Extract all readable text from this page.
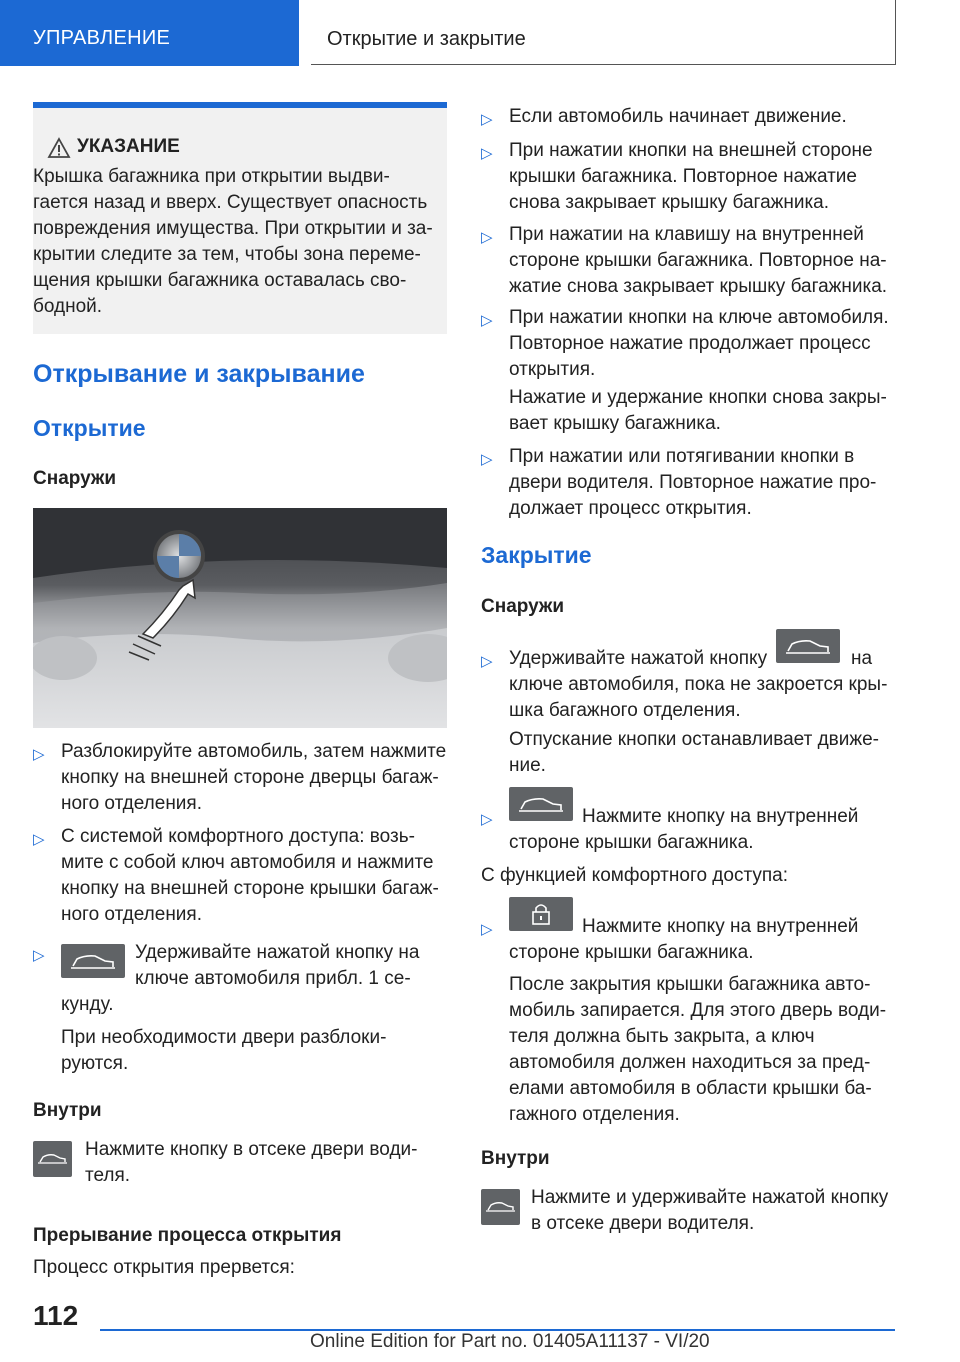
УПРАВЛЕНИЕ	Открытие и закрытие
УКАЗАНИЕ

Крышка багажника при открытии выдви-

гается назад и вверх. Существует опасность

повреждения имущества. При открытии и за-

крытии следите за тем, чтобы зона переме-

щения крышки багажника оставалась сво-

бодной.

Открывание и закрывание
Открытие
Снаружи
▷ Разблокируйте автомобиль, затем нажмите

кнопку на внешней стороне дверцы багаж-

ного отделения.

▷ С системой комфортного доступа: возь-

мите с собой ключ автомобиля и нажмите

кнопку на внешней стороне крышки багаж-

ного отделения.

▷	Удерживайте нажатой кнопку на

ключе автомобиля прибл. 1 се-

кунду.

При необходимости двери разблоки-

руются.

Внутри

Нажмите кнопку в отсеке двери води-

теля.

Прерывание процесса открытия

Процесс открытия прервется:

▷ Если автомобиль начинает движение.

▷ При нажатии кнопки на внешней стороне

крышки багажника. Повторное нажатие

снова закрывает крышку багажника.

▷ При нажатии на клавишу на внутренней

стороне крышки багажника. Повторное на-

жатие снова закрывает крышку багажника.

▷ При нажатии кнопки на ключе автомобиля.

Повторное нажатие продолжает процесс

открытия.

Нажатие и удержание кнопки снова закры-

вает крышку багажника.

▷ При нажатии или потягивании кнопки в

двери водителя. Повторное нажатие про-

должает процесс открытия.

Закрытие
Снаружи
▷ Удерживайте нажатой кнопку	на

ключе автомобиля, пока не закроется кры-

шка багажного отделения.

Отпускание кнопки останавливает движе-

ние.

▷	Нажмите кнопку на внутренней

стороне крышки багажника.

С функцией комфортного доступа:

▷	Нажмите кнопку на внутренней

стороне крышки багажника.

После закрытия крышки багажника авто-

мобиль запирается. Для этого дверь води-

теля должна быть закрыта, а ключ

автомобиля должен находиться за пред-

елами автомобиля в области крышки ба-

гажного отделения.

Внутри

Нажмите и удерживайте нажатой кнопку

в отсеке двери водителя.

112
Online Edition for Part no. 01405A11137 - VI/20
